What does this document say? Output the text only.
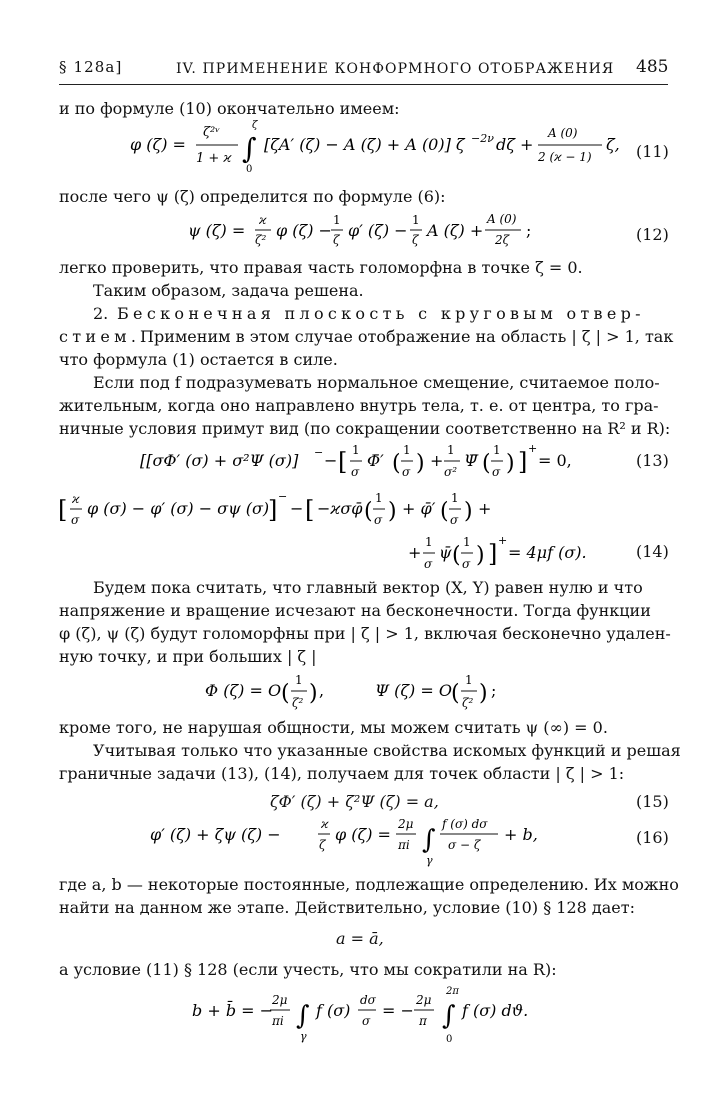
§ 128a]	IV. ПРИМЕНЕНИЕ КОНФОРМНОГО ОТОБРАЖЕНИЯ 485
и по формуле (10) окончательно имеем:
φ (ζ) =
ζ²ᵛ
1 + ϰ ∫
ζ
0
[ζA′ (ζ) − A (ζ) + A (0)] ζ −2ν dζ +
A (0)
2 (ϰ − 1)
ζ, (11)
после чего ψ (ζ) определится по формуле (6):
ψ (ζ) =
ϰ
ζ² φ (ζ) −
1
ζ φ′ (ζ) −
1
ζ A (ζ) +
A (0)
2ζ ;	(12)
легко проверить, что правая часть голоморфна в точке ζ = 0.
Таким образом, задача решена.
2. Бесконечная плоскость с круговым отвер-
стием. Применим в этом случае отображение на область | ζ | > 1, так
что формула (1) остается в силе.
Если под f подразумевать нормальное смещение, считаемое поло-
жительным, когда оно направлено внутрь тела, т. е. от центра, то гра-
ничные условия примут вид (по сокращении соответственно на R² и R):
[[σΦ′ (σ) + σ²Ψ (σ)] − − [ 1
σ
Φ̄′ (
1
σ ) +
1
σ²
Ψ̄ (
1
σ ) ] +
= 0,	(13)
[ ϰ
σ
φ (σ) − φ′ (σ) − σψ (σ)
] −
− [ −ϰσφ̄ (
1
σ ) + φ̄′ (
1
σ ) +
+
1
σ
ψ̄ (
1
σ ) ] +
= 4μf (σ).	(14)
Будем пока считать, что главный вектор (X, Y) равен нулю и что
напряжение и вращение исчезают на бесконечности. Тогда функции
φ (ζ), ψ (ζ) будут голоморфны при | ζ | > 1, включая бесконечно удален-
ную точку, и при больших | ζ |
Φ (ζ) = O (
1
ζ² ) ,	Ψ (ζ) = O (
1
ζ² ) ;
кроме того, не нарушая общности, мы можем считать ψ (∞) = 0.
Учитывая только что указанные свойства искомых функций и решая
граничные задачи (13), (14), получаем для точек области | ζ | > 1:
ζΦ′ (ζ) + ζ²Ψ (ζ) = a,	(15)
φ′ (ζ) + ζψ (ζ) −
ϰ
ζ
φ (ζ) =
2μ
πi ∫
γ
f (σ) dσ
σ − ζ
+ b,	(16)
где a, b — некоторые постоянные, подлежащие определению. Их можно
найти на данном же этапе. Действительно, условие (10) § 128 дает:
a = ā,
а условие (11) § 128 (если учесть, что мы сократили на R):
b + b̄ = −
2μ
πi ∫
γ
f (σ)
dσ
σ
= −
2μ
π ∫
2π
0
f (σ) dϑ.
